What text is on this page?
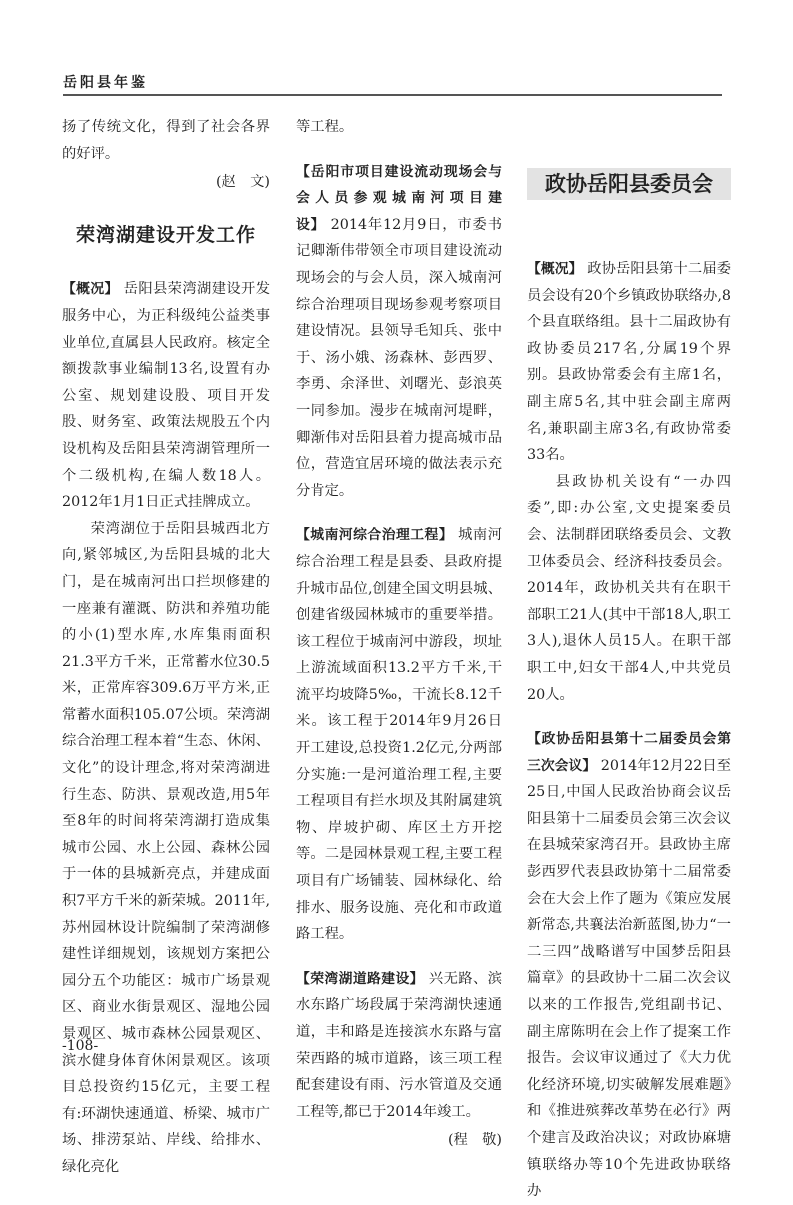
岳阳县年鉴

扬了传统文化，得到了社会各界的好评。

(赵　文)

荣湾湖建设开发工作

【概况】 岳阳县荣湾湖建设开发服务中心，为正科级纯公益类事业单位,直属县人民政府。核定全额拨款事业编制13名,设置有办公室、规划建设股、项目开发股、财务室、政策法规股五个内设机构及岳阳县荣湾湖管理所一个二级机构,在编人数18人。2012年1月1日正式挂牌成立。

荣湾湖位于岳阳县城西北方向,紧邻城区,为岳阳县城的北大门，是在城南河出口拦坝修建的一座兼有灌溉、防洪和养殖功能的小(1)型水库,水库集雨面积21.3平方千米，正常蓄水位30.5米，正常库容309.6万平方米,正常蓄水面积105.07公顷。荣湾湖综合治理工程本着“生态、休闲、文化”的设计理念,将对荣湾湖进行生态、防洪、景观改造,用5年至8年的时间将荣湾湖打造成集城市公园、水上公园、森林公园于一体的县城新亮点，并建成面积7平方千米的新荣城。2011年,苏州园林设计院编制了荣湾湖修建性详细规划，该规划方案把公园分五个功能区：城市广场景观区、商业水街景观区、湿地公园景观区、城市森林公园景观区、滨水健身体育休闲景观区。该项目总投资约15亿元，主要工程有:环湖快速通道、桥梁、城市广场、排涝泵站、岸线、给排水、绿化亮化

等工程。

【岳阳市项目建设流动现场会与会人员参观城南河项目建设】 2014年12月9日，市委书记卿渐伟带领全市项目建设流动现场会的与会人员，深入城南河综合治理项目现场参观考察项目建设情况。县领导毛知兵、张中于、汤小娥、汤森林、彭西罗、李勇、余泽世、刘曙光、彭浪英一同参加。漫步在城南河堤畔，卿渐伟对岳阳县着力提高城市品位，营造宜居环境的做法表示充分肯定。

【城南河综合治理工程】 城南河综合治理工程是县委、县政府提升城市品位,创建全国文明县城、创建省级园林城市的重要举措。该工程位于城南河中游段，坝址上游流域面积13.2平方千米,干流平均坡降5‰，干流长8.12千米。该工程于2014年9月26日开工建设,总投资1.2亿元,分两部分实施:一是河道治理工程,主要工程项目有拦水坝及其附属建筑物、岸坡护砌、库区土方开挖等。二是园林景观工程,主要工程项目有广场铺装、园林绿化、给排水、服务设施、亮化和市政道路工程。

【荣湾湖道路建设】 兴无路、滨水东路广场段属于荣湾湖快速通道，丰和路是连接滨水东路与富荣西路的城市道路，该三项工程配套建设有雨、污水管道及交通工程等,都已于2014年竣工。

(程　敬)

政协岳阳县委员会

【概况】 政协岳阳县第十二届委员会设有20个乡镇政协联络办,8个县直联络组。县十二届政协有政协委员217名,分属19个界别。县政协常委会有主席1名，副主席5名,其中驻会副主席两名,兼职副主席3名,有政协常委33名。

县政协机关设有“一办四委”,即:办公室,文史提案委员会、法制群团联络委员会、文教卫体委员会、经济科技委员会。2014年，政协机关共有在职干部职工21人(其中干部18人,职工3人),退休人员15人。在职干部职工中,妇女干部4人,中共党员20人。

【政协岳阳县第十二届委员会第三次会议】 2014年12月22日至25日,中国人民政治协商会议岳阳县第十二届委员会第三次会议在县城荣家湾召开。县政协主席彭西罗代表县政协第十二届常委会在大会上作了题为《策应发展新常态,共襄法治新蓝图,协力“一二三四”战略谱写中国梦岳阳县篇章》的县政协十二届二次会议以来的工作报告,党组副书记、副主席陈明在会上作了提案工作报告。会议审议通过了《大力优化经济环境,切实破解发展难题》和《推进殡葬改革势在必行》两个建言及政治决议；对政协麻塘镇联络办等10个先进政协联络办

-108-
